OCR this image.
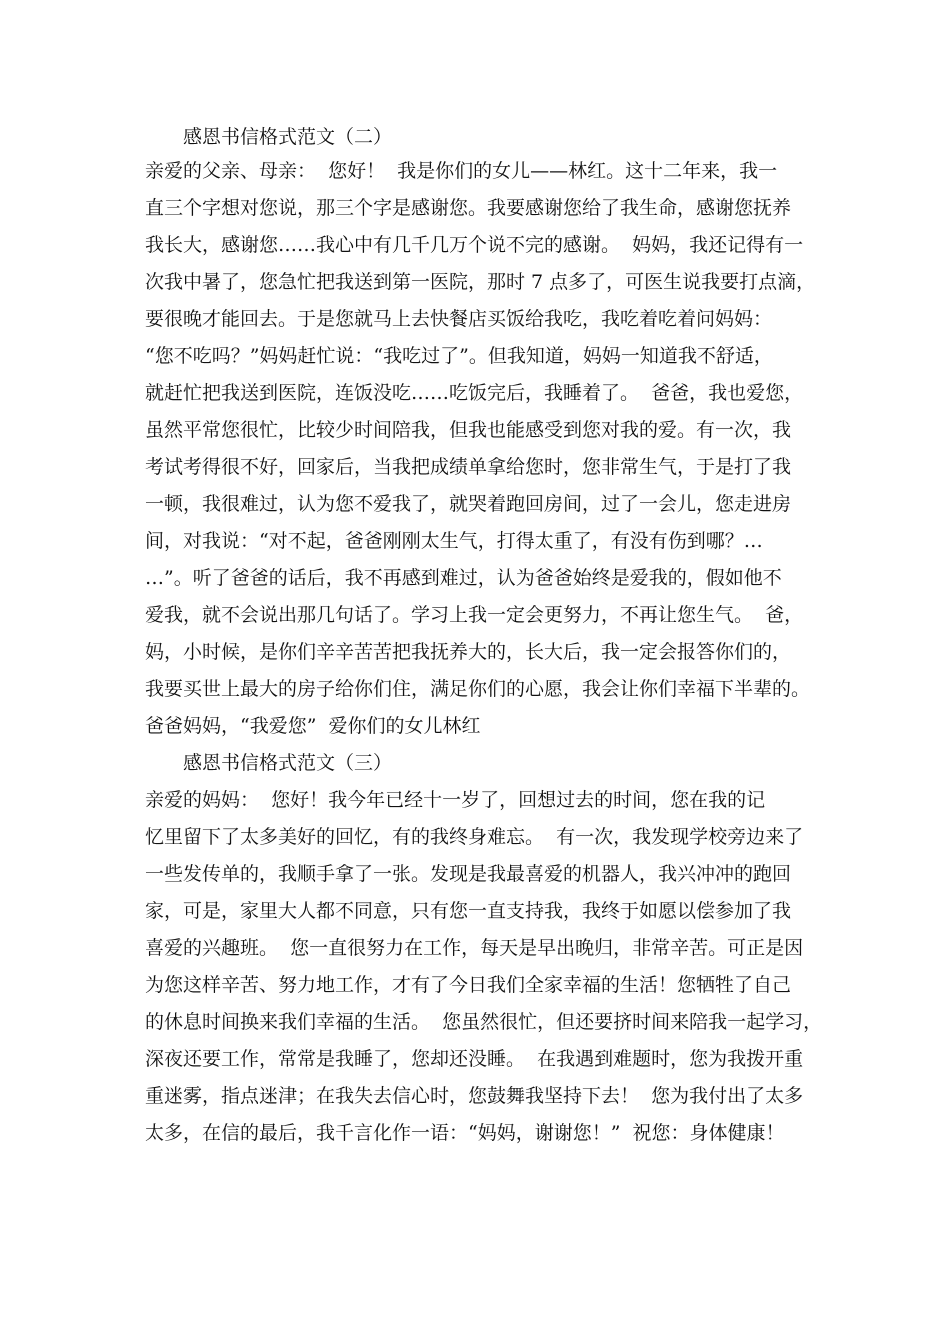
感恩书信格式范文（二）
亲爱的父亲、母亲：  您好！  我是你们的女儿——林红。这十二年来，我一
直三个字想对您说，那三个字是感谢您。我要感谢您给了我生命，感谢您抚养
我长大，感谢您……我心中有几千几万个说不完的感谢。  妈妈，我还记得有一
次我中暑了，您急忙把我送到第一医院，那时 7 点多了，可医生说我要打点滴，
要很晚才能回去。于是您就马上去快餐店买饭给我吃，我吃着吃着问妈妈：
“您不吃吗？”妈妈赶忙说：“我吃过了”。但我知道，妈妈一知道我不舒适，
就赶忙把我送到医院，连饭没吃……吃饭完后，我睡着了。  爸爸，我也爱您，
虽然平常您很忙，比较少时间陪我，但我也能感受到您对我的爱。有一次，我
考试考得很不好，回家后，当我把成绩单拿给您时，您非常生气，于是打了我
一顿，我很难过，认为您不爱我了，就哭着跑回房间，过了一会儿，您走进房
间，对我说：“对不起，爸爸刚刚太生气，打得太重了，有没有伤到哪？…
…”。听了爸爸的话后，我不再感到难过，认为爸爸始终是爱我的，假如他不
爱我，就不会说出那几句话了。学习上我一定会更努力，不再让您生气。  爸，
妈，小时候，是你们辛辛苦苦把我抚养大的，长大后，我一定会报答你们的，
我要买世上最大的房子给你们住，满足你们的心愿，我会让你们幸福下半辈的。
爸爸妈妈，“我爱您”  爱你们的女儿林红
感恩书信格式范文（三）
亲爱的妈妈：  您好！我今年已经十一岁了，回想过去的时间，您在我的记
忆里留下了太多美好的回忆，有的我终身难忘。  有一次，我发现学校旁边来了
一些发传单的，我顺手拿了一张。发现是我最喜爱的机器人，我兴冲冲的跑回
家，可是，家里大人都不同意，只有您一直支持我，我终于如愿以偿参加了我
喜爱的兴趣班。  您一直很努力在工作，每天是早出晚归，非常辛苦。可正是因
为您这样辛苦、努力地工作，才有了今日我们全家幸福的生活！您牺牲了自己
的休息时间换来我们幸福的生活。  您虽然很忙，但还要挤时间来陪我一起学习，
深夜还要工作，常常是我睡了，您却还没睡。  在我遇到难题时，您为我拨开重
重迷雾，指点迷津；在我失去信心时，您鼓舞我坚持下去！  您为我付出了太多
太多，在信的最后，我千言化作一语：“妈妈，谢谢您！”  祝您：身体健康！
